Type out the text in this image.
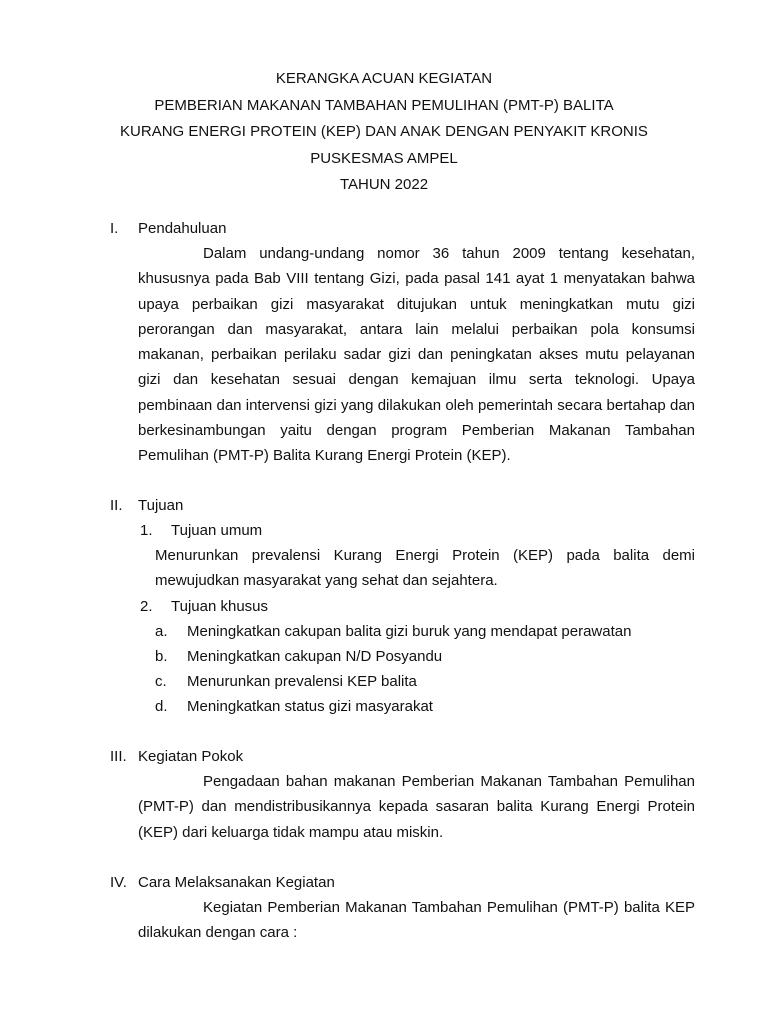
KERANGKA ACUAN KEGIATAN
PEMBERIAN MAKANAN TAMBAHAN PEMULIHAN (PMT-P) BALITA
KURANG ENERGI PROTEIN (KEP) DAN ANAK DENGAN PENYAKIT KRONIS
PUSKESMAS AMPEL
TAHUN 2022
I.	Pendahuluan
Dalam undang-undang nomor 36 tahun 2009 tentang kesehatan, khususnya pada Bab VIII tentang Gizi, pada pasal 141 ayat 1 menyatakan bahwa upaya perbaikan gizi masyarakat ditujukan untuk meningkatkan mutu gizi perorangan dan masyarakat, antara lain melalui perbaikan pola konsumsi makanan, perbaikan perilaku sadar gizi dan peningkatan akses mutu pelayanan gizi dan kesehatan sesuai dengan kemajuan ilmu serta teknologi. Upaya pembinaan dan intervensi gizi yang dilakukan oleh pemerintah secara bertahap dan berkesinambungan yaitu dengan program Pemberian Makanan Tambahan Pemulihan (PMT-P) Balita Kurang Energi Protein (KEP).
II.	Tujuan
1.	Tujuan umum
Menurunkan prevalensi Kurang Energi Protein (KEP) pada balita demi mewujudkan masyarakat yang sehat dan sejahtera.
2.	Tujuan khusus
a.	Meningkatkan cakupan balita gizi buruk yang mendapat perawatan
b.	Meningkatkan cakupan N/D Posyandu
c.	Menurunkan prevalensi KEP balita
d.	Meningkatkan status gizi masyarakat
III. Kegiatan Pokok
Pengadaan bahan makanan Pemberian Makanan Tambahan Pemulihan (PMT-P) dan mendistribusikannya kepada sasaran balita Kurang Energi Protein (KEP) dari keluarga tidak mampu atau miskin.
IV. Cara Melaksanakan Kegiatan
Kegiatan Pemberian Makanan Tambahan Pemulihan (PMT-P) balita KEP dilakukan dengan cara :
